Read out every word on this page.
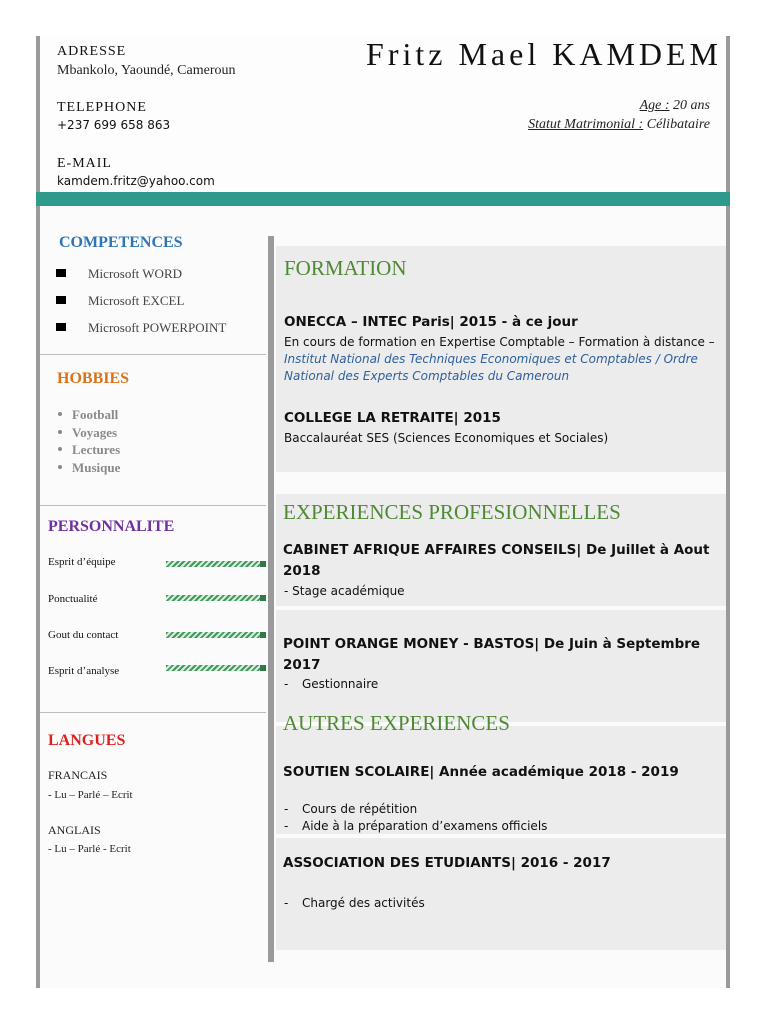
ADRESSE
Mbankolo, Yaoundé, Cameroun
TELEPHONE
+237 699 658 863
E-MAIL
kamdem.fritz@yahoo.com
Fritz Mael KAMDEM
Age : 20 ans
Statut Matrimonial : Célibataire
COMPETENCES
Microsoft WORD
Microsoft EXCEL
Microsoft POWERPOINT
HOBBIES
Football
Voyages
Lectures
Musique
PERSONNALITE
Esprit d’équipe
Ponctualité
Gout du contact
Esprit d’analyse
LANGUES
FRANCAIS
- Lu – Parlé – Ecrit
ANGLAIS
- Lu – Parlé - Ecrit
FORMATION
ONECCA – INTEC Paris| 2015 - à ce jour
En cours de formation en Expertise Comptable – Formation à distance – Institut National des Techniques Economiques et Comptables / Ordre National des Experts Comptables du Cameroun
COLLEGE LA RETRAITE| 2015
Baccalauréat SES (Sciences Economiques et Sociales)
EXPERIENCES PROFESIONNELLES
CABINET AFRIQUE AFFAIRES CONSEILS| De Juillet à Aout 2018
- Stage académique
POINT ORANGE MONEY - BASTOS| De Juin à Septembre 2017
- Gestionnaire
AUTRES EXPERIENCES
SOUTIEN SCOLAIRE| Année académique 2018 - 2019
- Cours de répétition
- Aide à la préparation d’examens officiels
ASSOCIATION DES ETUDIANTS| 2016 - 2017
- Chargé des activités
